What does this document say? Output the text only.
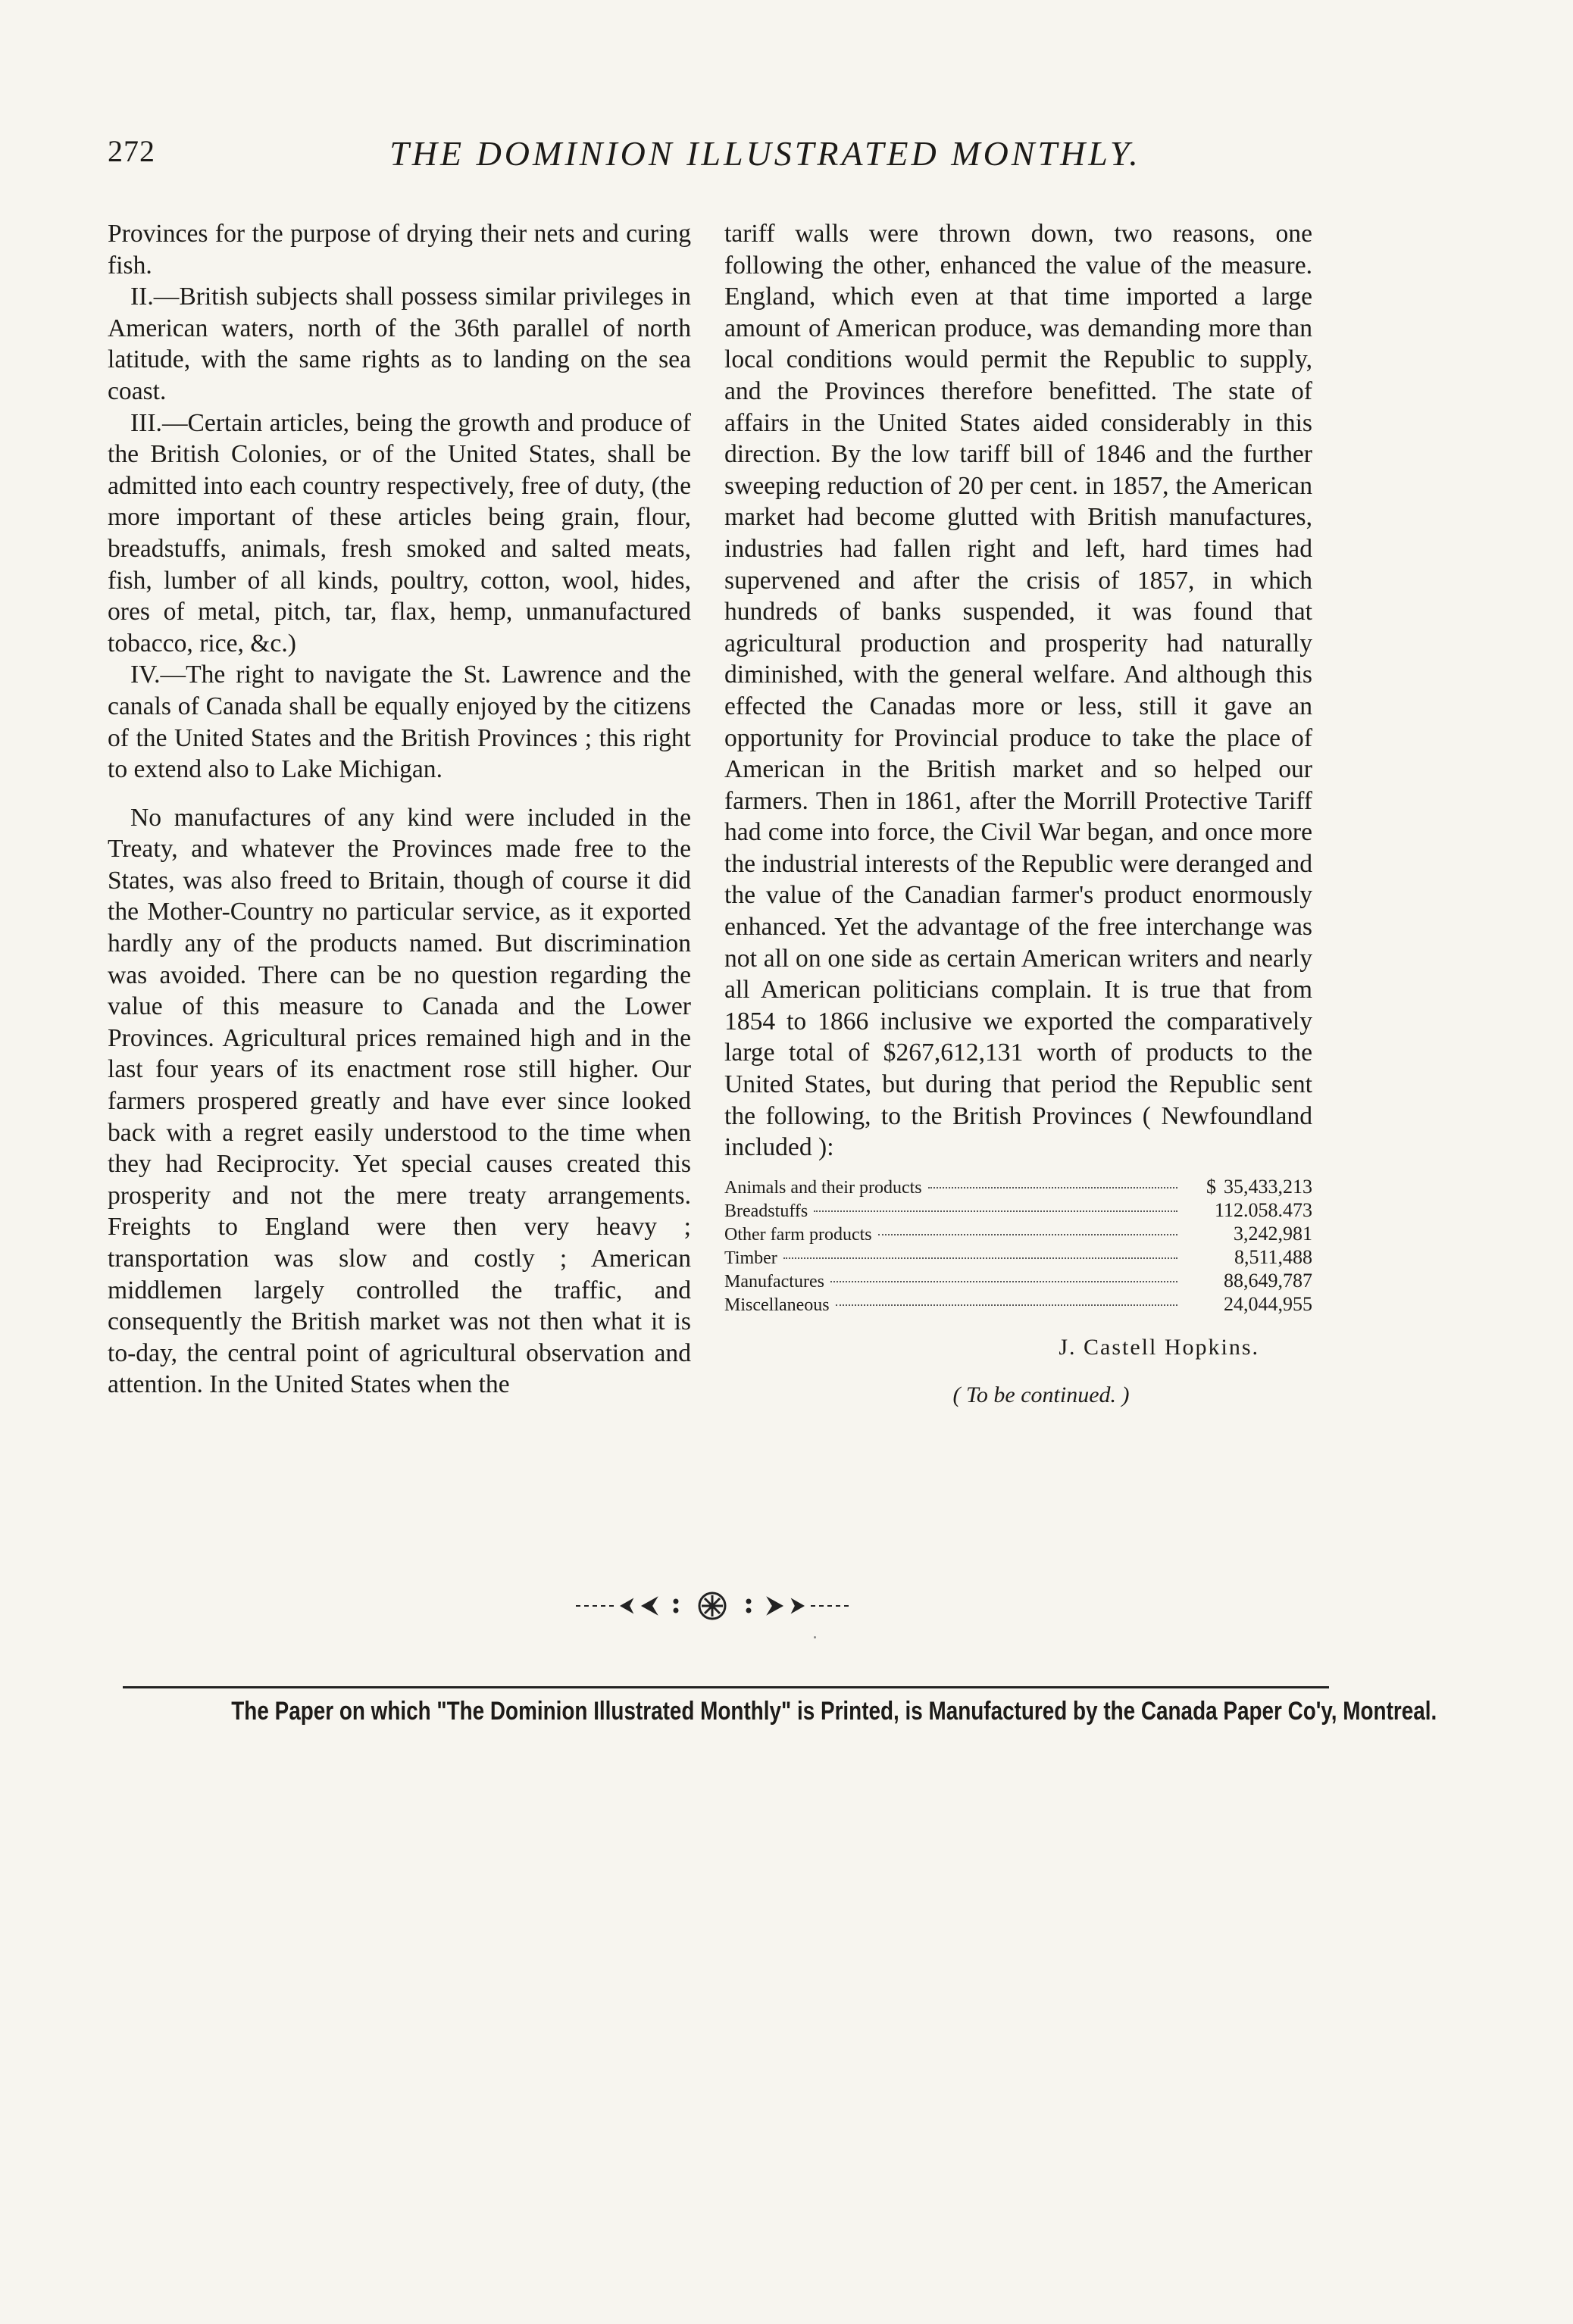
272	THE DOMINION ILLUSTRATED MONTHLY.

Provinces for the purpose of drying their nets and curing fish.

II.—British subjects shall possess similar privileges in American waters, north of the 36th parallel of north latitude, with the same rights as to landing on the sea coast.

III.—Certain articles, being the growth and produce of the British Colonies, or of the United States, shall be admitted into each country respectively, free of duty, (the more important of these articles being grain, flour, breadstuffs, animals, fresh smoked and salted meats, fish, lumber of all kinds, poultry, cotton, wool, hides, ores of metal, pitch, tar, flax, hemp, unmanufactured tobacco, rice, &c.)

IV.—The right to navigate the St. Lawrence and the canals of Canada shall be equally enjoyed by the citizens of the United States and the British Provinces ; this right to extend also to Lake Michigan.

No manufactures of any kind were included in the Treaty, and whatever the Provinces made free to the States, was also freed to Britain, though of course it did the Mother-Country no particular service, as it exported hardly any of the products named. But discrimination was avoided. There can be no question regarding the value of this measure to Canada and the Lower Provinces. Agricultural prices remained high and in the last four years of its enactment rose still higher. Our farmers prospered greatly and have ever since looked back with a regret easily understood to the time when they had Reciprocity. Yet special causes created this prosperity and not the mere treaty arrangements. Freights to England were then very heavy ; transportation was slow and costly ; American middlemen largely controlled the traffic, and consequently the British market was not then what it is to-day, the central point of agricultural observation and attention. In the United States when the

tariff walls were thrown down, two reasons, one following the other, enhanced the value of the measure. England, which even at that time imported a large amount of American produce, was demanding more than local conditions would permit the Republic to supply, and the Provinces therefore benefitted. The state of affairs in the United States aided considerably in this direction. By the low tariff bill of 1846 and the further sweeping reduction of 20 per cent. in 1857, the American market had become glutted with British manufactures, industries had fallen right and left, hard times had supervened and after the crisis of 1857, in which hundreds of banks suspended, it was found that agricultural production and prosperity had naturally diminished, with the general welfare. And although this effected the Canadas more or less, still it gave an opportunity for Provincial produce to take the place of American in the British market and so helped our farmers. Then in 1861, after the Morrill Protective Tariff had come into force, the Civil War began, and once more the industrial interests of the Republic were deranged and the value of the Canadian farmer's product enormously enhanced. Yet the advantage of the free interchange was not all on one side as certain American writers and nearly all American politicians complain. It is true that from 1854 to 1866 inclusive we exported the comparatively large total of $267,612,131 worth of products to the United States, but during that period the Republic sent the following, to the British Provinces ( Newfoundland included ):

Animals and their products	$ 35,433,213
Breadstuffs	112.058.473
Other farm products	3,242,981
Timber	8,511,488
Manufactures	88,649,787
Miscellaneous	24,044,955
J. Castell Hopkins.
( To be continued. )
The Paper on which "The Dominion Illustrated Monthly" is Printed, is Manufactured by the Canada Paper Co'y, Montreal.
